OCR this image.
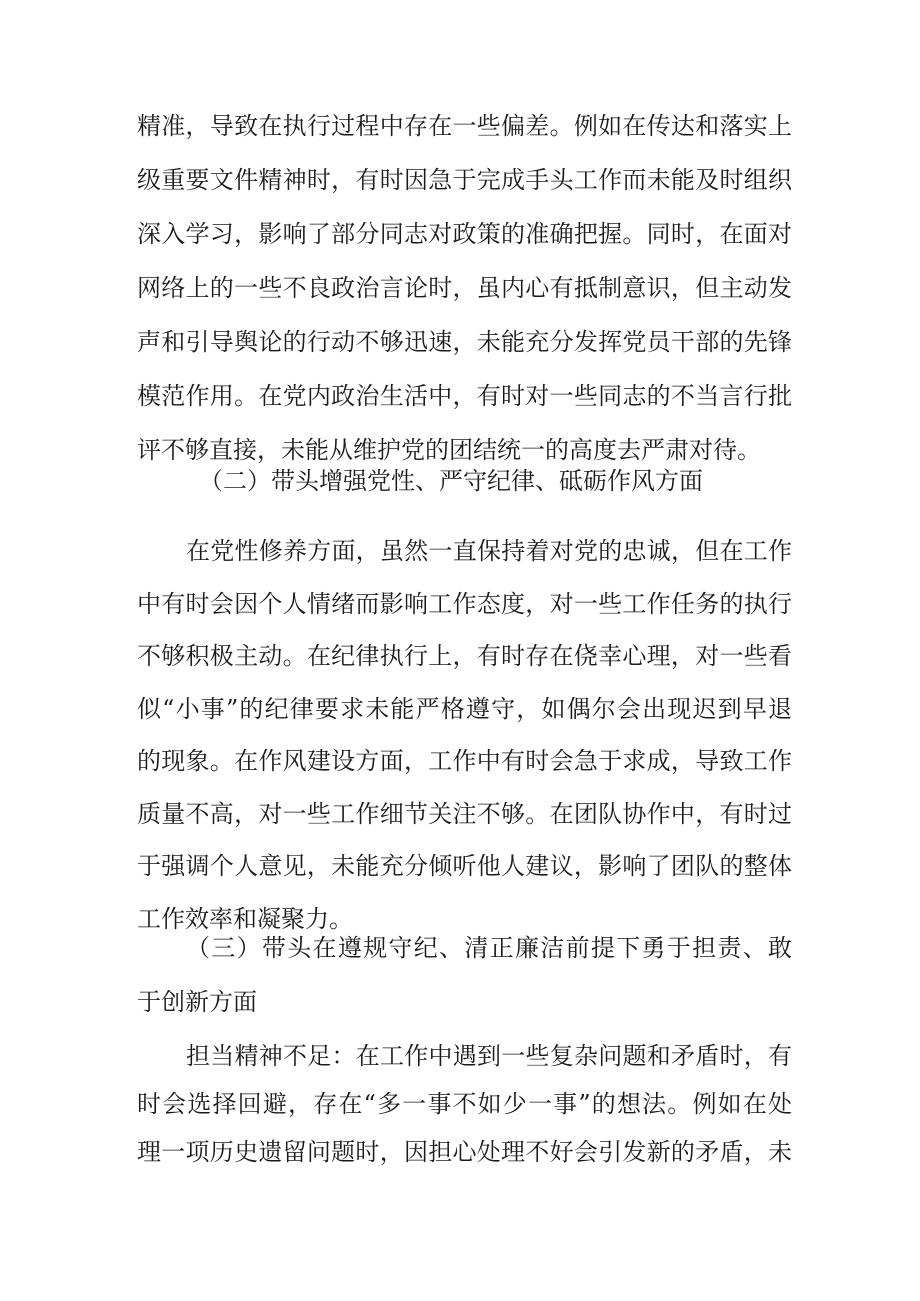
精准，导致在执行过程中存在一些偏差。例如在传达和落实上
级重要文件精神时，有时因急于完成手头工作而未能及时组织
深入学习，影响了部分同志对政策的准确把握。同时，在面对
网络上的一些不良政治言论时，虽内心有抵制意识，但主动发
声和引导舆论的行动不够迅速，未能充分发挥党员干部的先锋
模范作用。在党内政治生活中，有时对一些同志的不当言行批
评不够直接，未能从维护党的团结统一的高度去严肃对待。
（二）带头增强党性、严守纪律、砥砺作风方面
在党性修养方面，虽然一直保持着对党的忠诚，但在工作
中有时会因个人情绪而影响工作态度，对一些工作任务的执行
不够积极主动。在纪律执行上，有时存在侥幸心理，对一些看
似“小事”的纪律要求未能严格遵守，如偶尔会出现迟到早退
的现象。在作风建设方面，工作中有时会急于求成，导致工作
质量不高，对一些工作细节关注不够。在团队协作中，有时过
于强调个人意见，未能充分倾听他人建议，影响了团队的整体
工作效率和凝聚力。
（三）带头在遵规守纪、清正廉洁前提下勇于担责、敢
于创新方面
担当精神不足：在工作中遇到一些复杂问题和矛盾时，有
时会选择回避，存在“多一事不如少一事”的想法。例如在处
理一项历史遗留问题时，因担心处理不好会引发新的矛盾，未
